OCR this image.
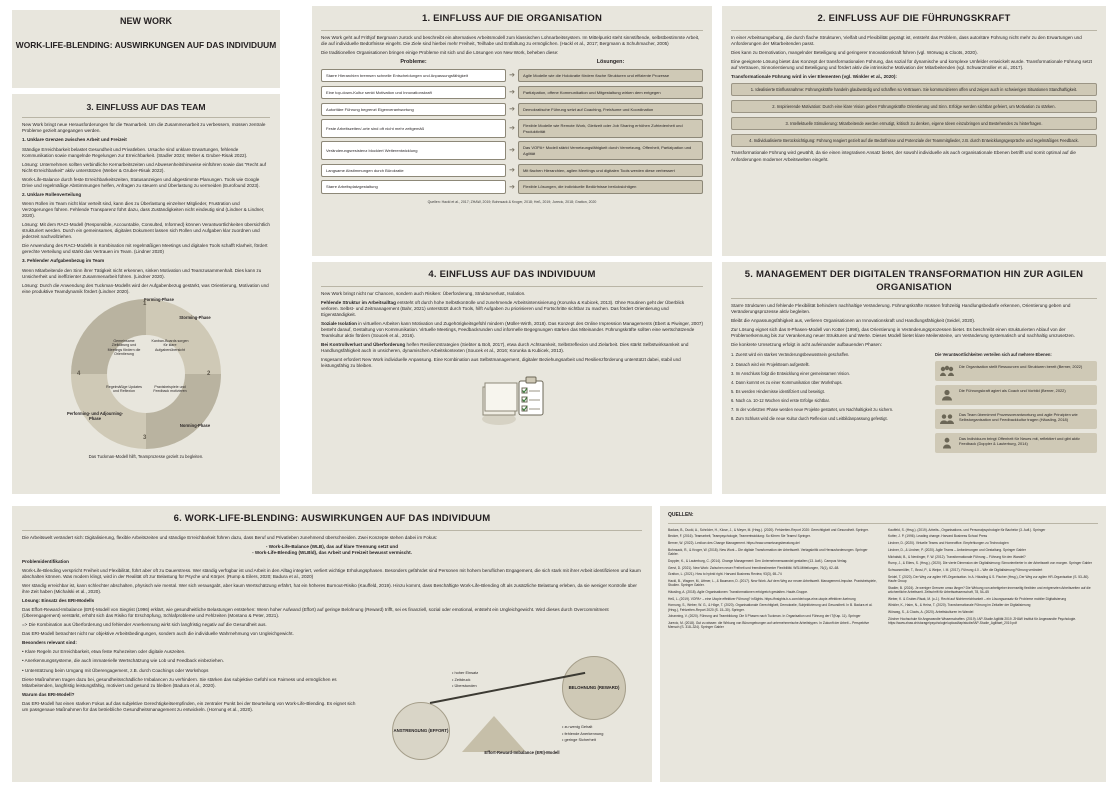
NEW WORK
WORK-LIFE-BLENDING: AUSWIRKUNGEN AUF DAS INDIVIDUUM
3. EINFLUSS AUF DAS TEAM

New Work bringt neue Herausforderungen für die Teamarbeit. Um die Zusammenarbeit zu verbessern, müssen zentrale Probleme gezielt angegangen werden.

1. Unklare Grenzen zwischen Arbeit und Freizeit

Ständige Erreichbarkeit belastet Gesundheit und Privatleben. Ursache sind unklare Erwartungen, fehlende Kommunikation sowie mangelnde Regelungen zur Erreichbarkeit. (Stadler 2024; Weber & Gruber-Risak 2022).

Lösung: Unternehmen sollten verbindliche Kernarbeitszeiten und Abwesenheitshinweise einführen sowie das "Recht auf Nicht-Erreichbarkeit" aktiv unterstützen (Weber & Gruber-Risak 2022).

Work-Life-Balance durch feste Erreichbarkeitszeiten, Statusanzeigen und abgestimmte Planungen. Tools wie Google Drive und regelmäßige Abstimmungen helfen, Anfragen zu steuern und Überlastung zu vermeiden (Eurofound 2023).

2. Unklare Rollenverteilung

Wenn Rollen im Team nicht klar verteilt sind, kann dies zu Überlastung einzelner Mitglieder, Frustration und Verzögerungen führen. Fehlende Transparenz führt dazu, dass Zuständigkeiten nicht eindeutig sind (Lindner & Lindner, 2020).

Lösung: Mit dem RACI-Modell (Responsible, Accountable, Consulted, Informed) können Verantwortlichkeiten übersichtlich strukturiert werden. Durch ein gemeinsames, digitales Dokument lassen sich Rollen und Aufgaben klar zuordnen und jederzeit nachvollziehen.

Die Anwendung des RACI-Modells in Kombination mit regelmäßigen Meetings und digitalen Tools schafft Klarheit, fördert gerechte Verteilung und stärkt das Vertrauen im Team. (Lindner 2020)

3. Fehlender Aufgabenbezug im Team

Wenn Mitarbeitende den Sinn ihrer Tätigkeit nicht erkennen, sinken Motivation und Teamzusammenhalt. Dies kann zu Unsicherheit und ineffizienter Zusammenarbeit führen. (Lindner 2020).

Lösung: Durch die Anwendung des Tuckman-Modells wird der Aufgabenbezug gestärkt, was Orientierung, Motivation und eine produktive Teamdynamik fördert (Lindner 2020).

Forming-Phase
Storming-Phase
Norming-Phase
Performing- und Adjourning-Phase
1
2
3
4
Gemeinsame Zielklärung und Meetings fördern die Orientierung
Kanban-Boards sorgen für klare Aufgabenübersicht
Praxisbeispiele und Feedback motivieren
Regelmäßige Updates und Reflexion

Das Tuckman-Modell hilft, Teamprozesse gezielt zu begleiten.

1. EINFLUSS AUF DIE ORGANISATION

New Work geht auf Frithjof Bergmann zurück und beschreibt ein alternatives Arbeitsmodell zum klassischen Lohnarbeitssystem. Im Mittelpunkt steht sinnstiftende, selbstbestimmte Arbeit, die auf individuelle Bedürfnisse eingeht. Die Ziele sind hierbei mehr Freiheit, Teilhabe und Entfaltung zu ermöglichen. (Hackl et al., 2017; Bergmann & Schuhmacher, 2005)

Die traditionellen Organisationen bringen einige Probleme mit sich und die Lösungen von New Work, beheben diese:

Probleme:	Lösungen:
Starre Hierarchien bremsen schnelle Entscheidungen und Anpassungsfähigkeit	➔	Agile Modelle wie die Holokratie fördern flache Strukturen und effiziente Prozesse
Eine top-down-Kultur senkt Motivation und Innovationskraft	➔	Partizipation, offene Kommunikation und Mitgestaltung wirken dem entgegen
Autoritäre Führung begrenzt Eigenverantwortung	➔	Demokratische Führung setzt auf Coaching, Freiräume und Koordination
Feste Arbeitszeiten/-orte sind oft nicht mehr zeitgemäß	➔	Flexible Modelle wie Remote Work, Gleitzeit oder Job Sharing erhöhen Zufriedenheit und Produktivität
Veränderungsresistenz blockiert Weiterentwicklung	➔	Das VOPA+ Modell stärkt Vernetzungsfähigkeit durch Vernetzung, Offenheit, Partizipation und Agilität
Langsame Abstimmungen durch Bürokratie	➔	Mit flachen Hierarchien, agilen Meetings und digitalen Tools werden diese verbessert
Starre Arbeitsplatzgestaltung	➔	Flexible Lösungen, die individuelle Bedürfnisse berücksichtigen
Quellen: Hackl et al., 2017; ZHAW, 2019; Bohnsack & Kroger, 2018; Heß, 2019; Jurecic, 2018; Gratton, 2020
2. EINFLUSS AUF DIE FÜHRUNGSKRAFT

In einer Arbeitsumgebung, die durch flache Strukturen, Vielfalt und Flexibilität geprägt ist, entsteht das Problem, dass autoritäre Führung nicht mehr zu den Erwartungen und Anforderungen der Mitarbeitenden passt.

Dies kann zu Demotivation, mangelnder Beteiligung und geringerer Innovationskraft führen (vgl. Wörwag & Cloots, 2020).

Eine geeignete Lösung bietet das Konzept der transformationalen Führung, das sozial für dynamische und komplexe Umfelder entwickelt wurde. Transformationale Führung setzt auf Vertrauen, Sinnorientierung und Beteiligung und fördert aktiv die intrinsische Motivation der Mitarbeitenden (vgl. Schwarzmüller et al., 2017).

Transformationale Führung wird in vier Elementen (vgl. Winkler et al., 2020):

1. Idealisierte Einflussnahme: Führungskräfte handeln glaubwürdig und schaffen so Vertrauen. Sie kommunizieren offen und zeigen auch in schwierigen Situationen Standhaftigkeit.
2. Inspirierende Motivation: Durch eine klare Vision geben Führungskräfte Orientierung und Sinn. Erfolge werden sichtbar gefeiert, um Motivation zu stärken.
3. Intellektuelle Stimulierung: Mitarbeitende werden ermutigt, kritisch zu denken, eigene Ideen einzubringen und Bestehendes zu hinterfragen.
4. Individualisierte Berücksichtigung: Führung reagiert gezielt auf die Bedürfnisse und Potenziale der Teammitglieder, z.B. durch Entwicklungsgespräche und regelmäßiges Feedback.

Transformationale Führung wird gewählt, da sie einen integrativen Ansatz bietet, der sowohl individuelle als auch organisationale Ebenen betrifft und somit optimal auf die Anforderungen moderner Arbeitswelten eingeht.

4. EINFLUSS AUF DAS INDIVIDUUM

New Work bringt nicht nur Chancen, sondern auch Risiken: Überforderung, Strukturverlust, Isolation.

Fehlende Struktur im Arbeitsalltag entsteht oft durch hohe Selbstkontrolle und zunehmende Arbeitsintensivierung (Korunka & Kubicek, 2013). Ohne Routinen geht der Überblick verloren. Selbst- und Zeitmanagement (Bahr, 2021) unterstützt durch Tools, hilft Aufgaben zu priorisieren und Fortschritte sichtbar zu machen. Das fördert Orientierung und Eigenständigkeit.

Soziale Isolation in virtuellen Arbeiten kann Motivation und Zugehörigkeitsgefühl mindern (Müller-Wirth, 2018). Das Konzept des Online Impression Managements (Ebert & Piwinger, 2007) besteht darauf, Gestaltung von Kommunikation. Virtuelle Meetings, Feedbackrunden und informelle Begegnungen stärken das Miteinander. Führungskräfte sollten eine wertschätzende Teamkultur aktiv fördern (Soucek et al., 2016).

Bei Kontrollverlust und Überforderung helfen Resilienzstrategien (Siebter & Bolt, 2017), etwa durch Achtsamkeit, Selbstreflexion und Zielarbeit. Dies stärkt Selbstwirksamkeit und Handlungsfähigkeit auch in unsicheren, dynamischen Arbeitskontexten (Soucek et al., 2016; Korunka & Kubicek, 2013).

Insgesamt erfordert New Work individuelle Anpassung. Eine Kombination aus Selbstmanagement, digitaler Beziehungsarbeit und Resilienzförderung unterstützt dabei, stabil und leistungsfähig zu bleiben.

5. MANAGEMENT DER DIGITALEN TRANSFORMATION HIN ZUR AGILEN ORGANISATION

Starre Strukturen und fehlende Flexibilität behindern nachhaltige Veränderung. Führungskräfte müssen frühzeitig Handlungsbedarfe erkennen, Orientierung geben und Veränderungsprozesse aktiv begleiten.

Bleibt die Anpassungsfähigkeit aus, verlieren Organisationen an Innovationskraft und Handlungsfähigkeit (Seidel, 2020).

Zur Lösung eignet sich das 8-Phasen-Modell von Kotter (1996), das Orientierung in Veränderungsprozessen bietet. Es beschreibt einen strukturierten Ablauf von der Problemerkennung bis zur Verankerung neuer Strukturen und Werte. Dieses Modell bietet klare Meilensteine, um Veränderung systematisch und nachhaltig umzusetzen.

Die konkrete Umsetzung erfolgt in acht aufeinander aufbauenden Phasen:

1. Zuerst wird ein starkes Veränderungsbewusstsein geschaffen.
2. Danach wird ein Projektteam aufgestellt.
3. Im Anschluss folgt die Entwicklung einer gemeinsamen Vision.
4. Dann kommt es zu einer Kommunikation über Workshops.
5. Es werden Hindernisse identifiziert und beseitigt.
6. Nach ca. 10-12 Wochen sind erste Erfolge sichtbar.
7. In der vorletzten Phase werden neue Projekte gestartet, um Nachhaltigkeit zu sichern.
8. Zum Schluss wird die neue Kultur durch Reflexion und Leitbildanpassung gefestigt.

Die Verantwortlichkeiten verteilen sich auf mehrere Ebenen:

Die Organisation stellt Ressourcen und Strukturen bereit (Berner, 2022)
Die Führungskraft agiert als Coach und Vorbild (Berner, 2022)
Das Team übernimmt Prozessverantwortung und agile Prinzipien wie Selbstorganisation und Feedbackkultur tragen (Häusling, 2018)
Das Individuum bringt Offenheit für Neues mit, reflektiert und gibt aktiv Feedback (Doppler & Lauterburg, 2014)
6. WORK-LIFE-BLENDING: AUSWIRKUNGEN AUF DAS INDIVIDUUM

Die Arbeitswelt verändert sich: Digitalisierung, flexible Arbeitszeiten und ständige Erreichbarkeit führen dazu, dass Beruf und Privatleben zunehmend überschneiden. Zwei Konzepte stehen dabei im Fokus:

- Work-Life-Balance (WLB), das auf klare Trennung setzt und

- Work-Life-Blending (WLBld), das Arbeit und Freizeit bewusst vermischt.

Problemidentifikation

Work-Life-Blending verspricht Freiheit und Flexibilität, führt aber oft zu Dauerstress. Wer ständig verfügbar ist und Arbeit in den Alltag integriert, verliert wichtige Erholungsphasen. Besonders gefährdet sind Personen mit hohem beruflichen Engagement, die sich stark mit ihrer Arbeit identifizieren und kaum abschalten können. Was modern klingt, wird in der Realität oft zur Belastung für Psyche und Körper. (Rump & Eilers, 2020; Badura et al., 2020)

Wer ständig erreichbar ist, kann schlechter abschalten, physisch wie mental. Wer sich verausgabt, aber kaum Wertschätzung erfährt, hat ein höheres Burnout-Risiko (Kauffeld, 2019). Hinzu kommt, dass Beschäftigte Work-Life-Blending oft als zusätzliche Belastung erleben, da sie weniger Kontrolle über ihre Zeit haben (Michalski et al., 2020).

Lösung: Einsatz des ERI-Modells

Das Effort-Reward-Imbalance (ERI)-Modell von Siegrist (1996) erklärt, wie gesundheitliche Belastungen entstehen: Wenn hoher Aufwand (Effort) auf geringe Belohnung (Reward) trifft, sei es finanziell, sozial oder emotional, entsteht ein Ungleichgewicht. Wird dieses durch Overcommitment (Überengagement) verstärkt, erhöht sich das Risiko für Erschöpfung, Schlafprobleme und Fehlzeiten (Montano & Peter, 2021).

=> Die Kombination aus Überforderung und fehlender Anerkennung wirkt sich langfristig negativ auf die Gesundheit aus.

Das ERI-Modell betrachtet nicht nur objektive Arbeitsbedingungen, sondern auch die individuelle Wahrnehmung von Ungleichgewicht.

Besonders relevant sind:

• Klare Regeln zur Erreichbarkeit, etwa feste Ruhezeiten oder digitale Auszeiten.

• Anerkennungssysteme, die auch immaterielle Wertschätzung wie Lob und Feedback einbeziehen.

• Unterstützung beim Umgang mit Überengagement, z.B. durch Coachings oder Workshops

Diese Maßnahmen tragen dazu bei, gesundheitsschädliche Imbalancen zu verhindern. Sie stärken das subjektive Gefühl von Fairness und ermöglichen es Mitarbeitenden, langfristig leistungsfähig, motiviert und gesund zu bleiben (Badura et al., 2020).

Warum das ERI-Modell?

Das ERI-Modell hat einen starken Fokus auf das subjektive Gerechtigkeitsempfinden, ein zentraler Punkt bei der Beurteilung von Work-Life-Blending. Es eignet sich um passgenaue Maßnahmen für das betriebliche Gesundheitsmanagement zu entwickeln. (Hornung et al., 2020).

ANSTRENGUNG (EFFORT)
BELOHNUNG (REWARD)
• hoher Einsatz
• Zeitdruck
• Überstunden
• zu wenig Gehalt
• fehlende Anerkennung
• geringe Sicherheit
Effort-Reward-Imbalance (ERI)-Modell
QUELLEN:

Badura, B., Ducki, A., Schröder, H., Klose, J., & Meyer, M. (Hrsg.). (2020). Fehlzeiten-Report 2020: Gerechtigkeit und Gesundheit. Springer.

Becker, F. (2016). Teamarbeit, Teampsychologie, Teamentwicklung: So führen Sie Teams! Springer.

Berner, W. (2022). Lexikon des Change Management. https://www.umsetzungsberatung.de/

Bohnsack, R., & Kroger, W. (2018). New Work – Die digitale Transformation der Arbeitswelt. Verlagskritik und Herausforderungen. Springer Gabler.

Doppler, K., & Lauterburg, C. (2014). Change Management: Den Unternehmenswandel gestalten (13. Aufl.). Campus Verlag.

Gerst, D. (2021). New Work: Zwischen neuer Freiheit und fremdbestimmter Flexibilität. WSI-Mitteilungen, 76(1), 62–68.

Gratton, L. (2021). How to hybrid right. Harvard Business Review, 93(3), 65–74

Hackl, B., Wagner, M., Attmer, L., & Baumann, D. (2017). New Work. Auf dem Weg zur neuen Arbeitswelt. Management-Impulse. Praxisbeispiele, Studien. Springer Gabler.

Häusling, A. (2018). Agile Organisationen: Transformationen erfolgreich gestalten. Haufe-Gruppe.

Heß, L. (2019). VOPA+ – eine Utopie effektiver Führung? inSights. https://insights.b-s.com/de/vopa-eine-utopie-effektiver-fuehrung

Hornung, S., Weber, W. G., & Höge, T. (2020). Organisationale Gerechtigkeit, Demokratie, Subjektivierung und Gesundheit. In B. Badura et al. (Hrsg.), Fehlzeiten-Report 2020 (S. 15–30). Springer.

Johanning, V. (2020). Führung und Teambildung: Die 5 Phasen nach Tuckman. In Organisation und Führung der IT(Kap. 11). Springer

Jurecic, M. (2018). Gut zu wissen: die Wirkung von Bürumgebungen auf unternehmerische Arbeitstypen. In Zukunft der Arbeit – Perspektive Mensch (S. 318–324). Springer Gabler

Kauffeld, S. (Hrsg.). (2019). Arbeits-, Organisations- und Personalpsychologie für Bachelor (3. Aufl.). Springer

Kotter, J. P. (1996). Leading change. Harvard Business School Press

Lindner, D. (2020). Virtuelle Teams und Homeoffice. Empfehlungen zu Technologien

Lindner, D., & Lindner, P. (2020). Agile Teams – Anforderungen und Gestaltung. Springer Gabler

Michalski, B., & Nerdinger, F. W. (2012). Transformationale Führung – Führung für den Wandel?

Rump, J., & Eilers, S. (Hrsg.). (2020). Die vierte Dimension der Digitalisierung: Sinnorientierter in der Arbeitswelt von morgen. Springer Gabler

Schwarzmüller, T., Brosi, P., & Welpe, I. M. (2017). Führung 4.0 – Wie die Digitalisierung Führung verändert

Seidel, T. (2020). Der Weg zur agilen HR-Organisation. In A. Häusling & S. Fischer (Hrsg.), Der Weg zur agilen HR-Organisation (S. 53–80). Haufe Group

Stadler, B. (2024). Je weniger Grenzen umso länger? Die Wirkung von arbeitgeber:innenseitig flexiblen und entgrenzten Arbeitszeiten auf die wöchentliche Arbeitszeit. Zeitschrift für Arbeitswissenschaft, 78, 54–65

Weber, K. & Gruber-Risak, M. (o.J.). Recht auf Nichterreichbarkeit – ein Lösungsansatz für Probleme mobiler Digitalisierung

Winkler, K., Haim, N., & Heinz, T. (2020). Transformationale Führung im Zeitalter der Digitalisierung

Wörwag, S., & Cloots, A. (2020). Arbeitskulturen im Wandel

Zürcher Hochschule für Angewandte Wissenschaften. (2019). IAP-Studie Agilität 2019. ZHAW Institut für Angewandte Psychologie. https://www.zhaw.ch/storage/psychologie/upload/iap/studie/IAP-Studie_Agilitaet_2019.pdf
